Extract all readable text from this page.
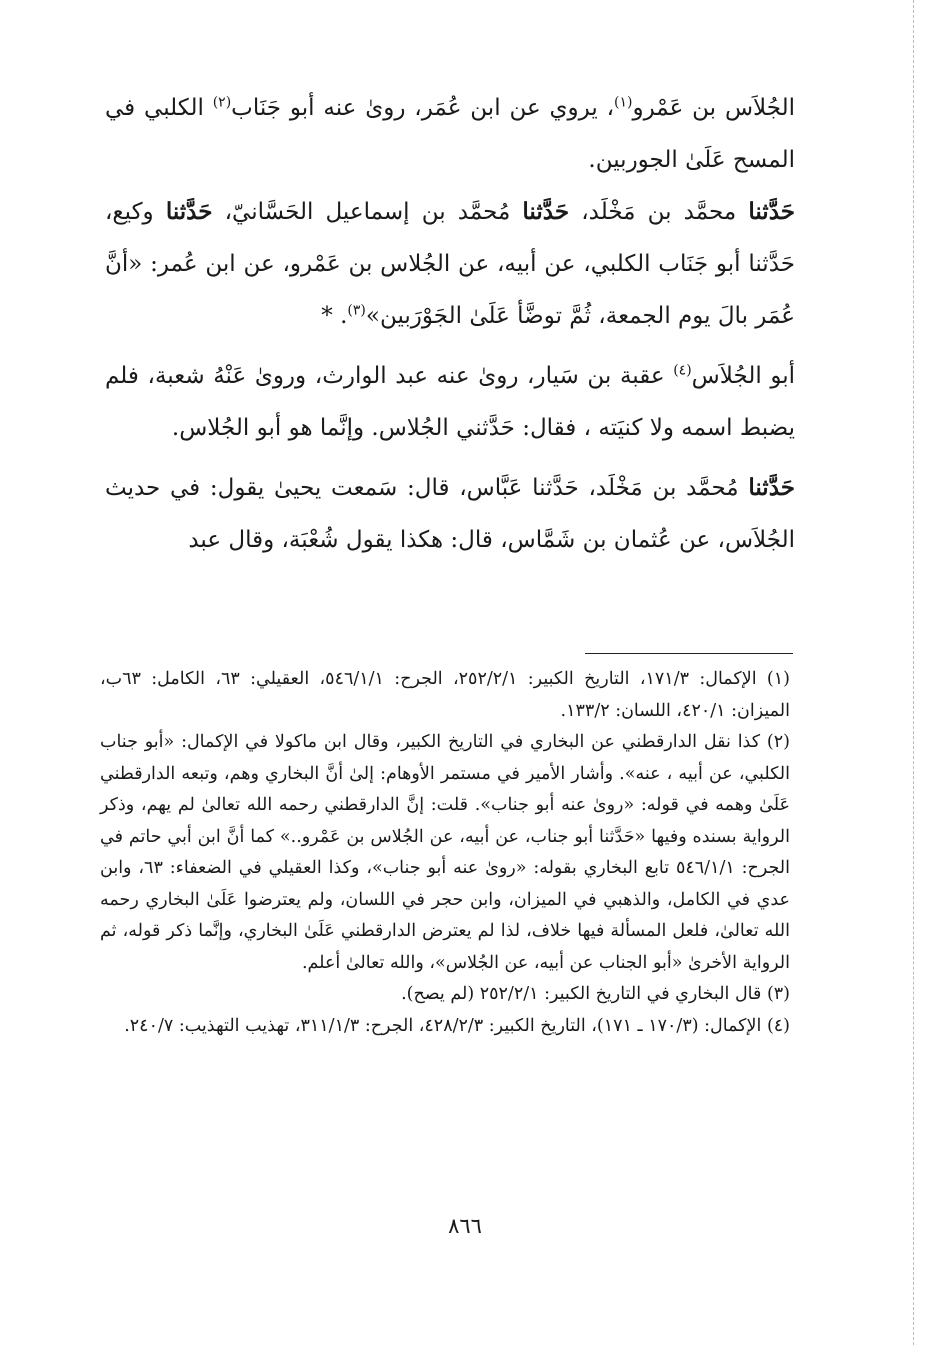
الجُلاَس بن عَمْرو$^{(١)}$، يروي عن ابن عُمَر، روىٰ عنه أبو جَنَاب$^{(٢)}$ الكلبي في المسح عَلَىٰ الجوربين.

حَدَّثنا محمَّد بن مَخْلَد، حَدَّثنا مُحمَّد بن إسماعيل الحَسَّانيّ، حَدَّثنا وكيع، حَدَّثنا أبو جَنَاب الكلبي، عن أبيه، عن الجُلاس بن عَمْرو، عن ابن عُمر: «أنَّ عُمَر بالَ يوم الجمعة، ثُمَّ توضَّأ عَلَىٰ الجَوْرَبين»$^{(٣)}$. *

أبو الجُلاَس$^{(٤)}$ عقبة بن سَيار، روىٰ عنه عبد الوارث، وروىٰ عَنْهُ شعبة، فلم يضبط اسمه ولا كنيَته ، فقال: حَدَّثني الجُلاس. وإنَّما هو أبو الجُلاس.

حَدَّثنا مُحمَّد بن مَخْلَد، حَدَّثنا عَبَّاس، قال: سَمعت يحيىٰ يقول: في حديث الجُلاَس، عن عُثمان بن شَمَّاس، قال: هكذا يقول شُعْبَة، وقال عبد

(١) الإكمال: ١٧١/٣، التاريخ الكبير: ٢٥٢/٢/١، الجرح: ٥٤٦/١/١، العقيلي: ٦٣، الكامل: ٦٣ب، الميزان: ٤٢٠/١، اللسان: ١٣٣/٢.

(٢) كذا نقل الدارقطني عن البخاري في التاريخ الكبير، وقال ابن ماكولا في الإكمال: «أبو جناب الكلبي، عن أبيه ، عنه». وأشار الأمير في مستمر الأوهام: إلىٰ أنَّ البخاري وهم، وتبعه الدارقطني عَلَىٰ وهمه في قوله: «روىٰ عنه أبو جناب». قلت: إنَّ الدارقطني رحمه الله تعالىٰ لم يهم، وذكر الرواية بسنده وفيها «حَدَّثنا أبو جناب، عن أبيه، عن الجُلاس بن عَمْرو..» كما أنَّ ابن أبي حاتم في الجرح: ٥٤٦/١/١ تابع البخاري بقوله: «روىٰ عنه أبو جناب»، وكذا العقيلي في الضعفاء: ٦٣، وابن عدي في الكامل، والذهبي في الميزان، وابن حجر في اللسان، ولم يعترضوا عَلَىٰ البخاري رحمه الله تعالىٰ، فلعل المسألة فيها خلاف، لذا لم يعترض الدارقطني عَلَىٰ البخاري، وإنَّما ذكر قوله، ثم الرواية الأخرىٰ «أبو الجناب عن أبيه، عن الجُلاس»، والله تعالىٰ أعلم.

(٣) قال البخاري في التاريخ الكبير: ٢٥٢/٢/١ (لم يصح).

(٤) الإكمال: (١٧٠/٣ ـ ١٧١)، التاريخ الكبير: ٤٢٨/٢/٣، الجرح: ٣١١/١/٣، تهذيب التهذيب: ٢٤٠/٧.

٨٦٦
